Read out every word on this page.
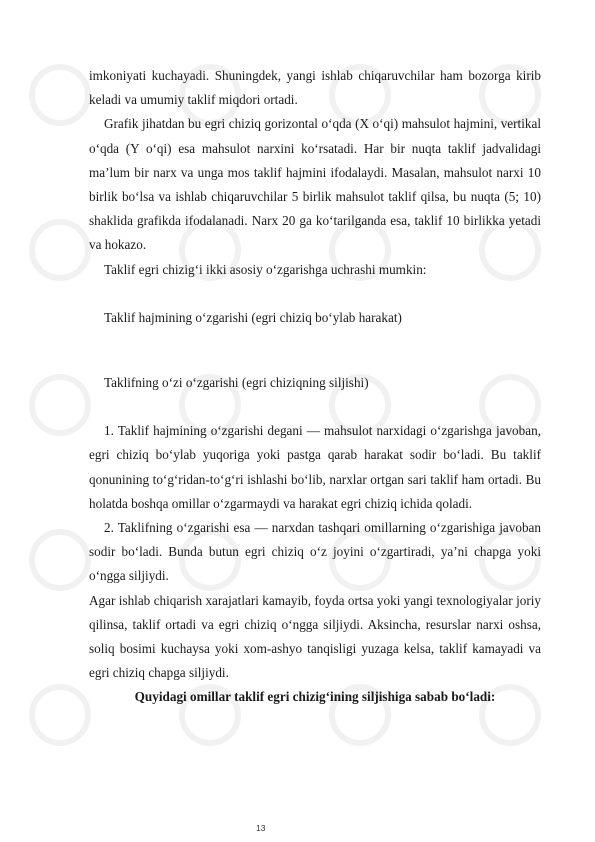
imkoniyati kuchayadi. Shuningdek, yangi ishlab chiqaruvchilar ham bozorga kirib keladi va umumiy taklif miqdori ortadi.

Grafik jihatdan bu egri chiziq gorizontal o‘qda (X o‘qi) mahsulot hajmini, vertikal o‘qda (Y o‘qi) esa mahsulot narxini ko‘rsatadi. Har bir nuqta taklif jadvalidagi ma’lum bir narx va unga mos taklif hajmini ifodalaydi. Masalan, mahsulot narxi 10 birlik bo‘lsa va ishlab chiqaruvchilar 5 birlik mahsulot taklif qilsa, bu nuqta (5; 10) shaklida grafikda ifodalanadi. Narx 20 ga ko‘tarilganda esa, taklif 10 birlikka yetadi va hokazo.

Taklif egri chizig‘i ikki asosiy o‘zgarishga uchrashi mumkin:

Taklif hajmining o‘zgarishi (egri chiziq bo‘ylab harakat)

Taklifning o‘zi o‘zgarishi (egri chiziqning siljishi)

1. Taklif hajmining o‘zgarishi degani — mahsulot narxidagi o‘zgarishga javoban, egri chiziq bo‘ylab yuqoriga yoki pastga qarab harakat sodir bo‘ladi. Bu taklif qonunining to‘g‘ridan-to‘g‘ri ishlashi bo‘lib, narxlar ortgan sari taklif ham ortadi. Bu holatda boshqa omillar o‘zgarmaydi va harakat egri chiziq ichida qoladi.

2. Taklifning o‘zgarishi esa — narxdan tashqari omillarning o‘zgarishiga javoban sodir bo‘ladi. Bunda butun egri chiziq o‘z joyini o‘zgartiradi, ya’ni chapga yoki o‘ngga siljiydi.

Agar ishlab chiqarish xarajatlari kamayib, foyda ortsa yoki yangi texnologiyalar joriy qilinsa, taklif ortadi va egri chiziq o‘ngga siljiydi. Aksincha, resurslar narxi oshsa, soliq bosimi kuchaysa yoki xom-ashyo tanqisligi yuzaga kelsa, taklif kamayadi va egri chiziq chapga siljiydi.

Quyidagi omillar taklif egri chizig‘ining siljishiga sabab bo‘ladi:

13
